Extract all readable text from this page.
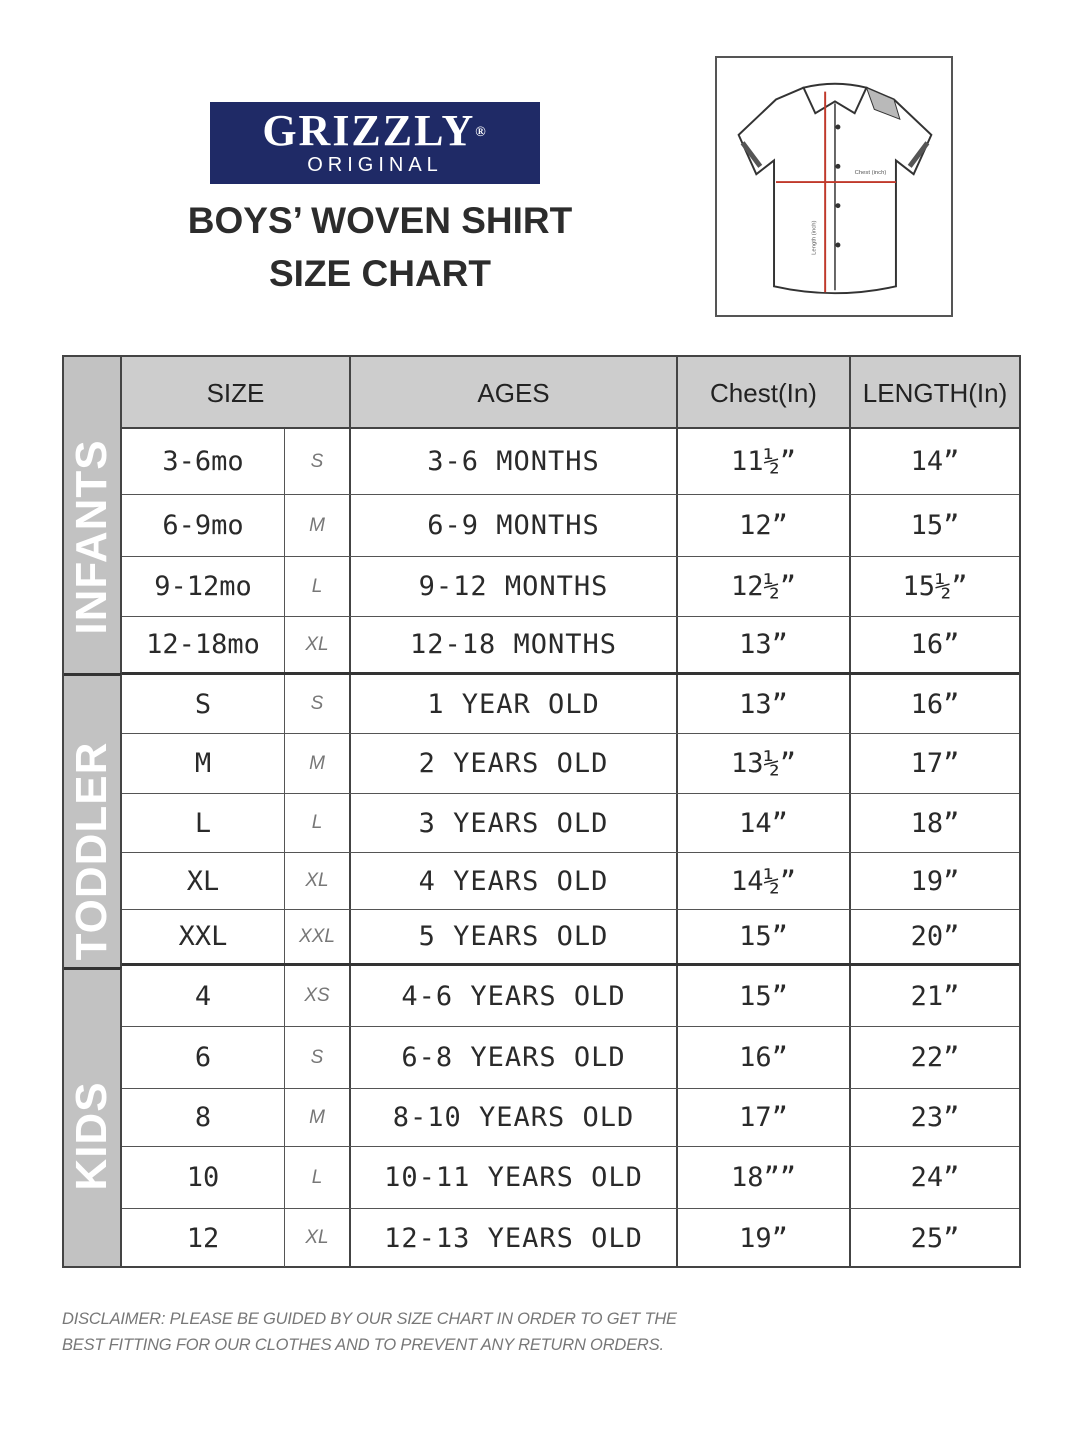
GRIZZLY®
ORIGINAL
BOYS’ WOVEN SHIRT
SIZE CHART
Chest (inch)
Length (inch)
INFANTS
TODDLER
KIDS
SIZE	AGES	Chest(In)	LENGTH(In)
3-6mo	S	3-6 MONTHS	11½”	14”
6-9mo	M	6-9 MONTHS	12”	15”
9-12mo	L	9-12 MONTHS	12½”	15½”
12-18mo	XL	12-18 MONTHS	13”	16”
S	S	1 YEAR OLD	13”	16”
M	M	2 YEARS OLD	13½”	17”
L	L	3 YEARS OLD	14”	18”
XL	XL	4 YEARS OLD	14½”	19”
XXL	XXL	5 YEARS OLD	15”	20”
4	XS	4-6 YEARS OLD	15”	21”
6	S	6-8 YEARS OLD	16”	22”
8	M	8-10 YEARS OLD	17”	23”
10	L	10-11 YEARS OLD	18””	24”
12	XL	12-13 YEARS OLD	19”	25”
DISCLAIMER: PLEASE BE GUIDED BY OUR SIZE CHART IN ORDER TO GET THE
BEST FITTING FOR OUR CLOTHES AND TO PREVENT ANY RETURN ORDERS.
